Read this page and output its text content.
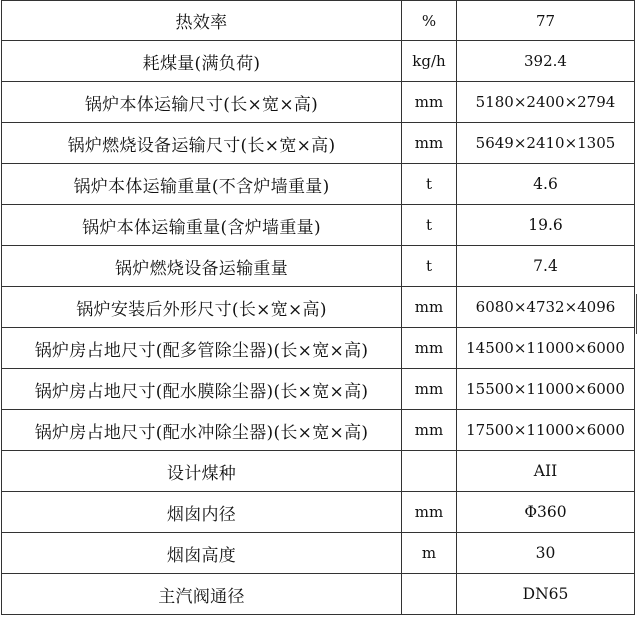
热效率	%	77
耗煤量(满负荷)	kg/h	392.4
锅炉本体运输尺寸(长×宽×高)	mm	5180×2400×2794
锅炉燃烧设备运输尺寸(长×宽×高)	mm	5649×2410×1305
锅炉本体运输重量(不含炉墙重量)	t	4.6
锅炉本体运输重量(含炉墙重量)	t	19.6
锅炉燃烧设备运输重量	t	7.4
锅炉安装后外形尺寸(长×宽×高)	mm	6080×4732×4096
锅炉房占地尺寸(配多管除尘器)(长×宽×高)	mm	14500×11000×6000
锅炉房占地尺寸(配水膜除尘器)(长×宽×高)	mm	15500×11000×6000
锅炉房占地尺寸(配水冲除尘器)(长×宽×高)	mm	17500×11000×6000
设计煤种		AII
烟囱内径	mm	Φ360
烟囱高度	m	30
主汽阀通径		DN65
